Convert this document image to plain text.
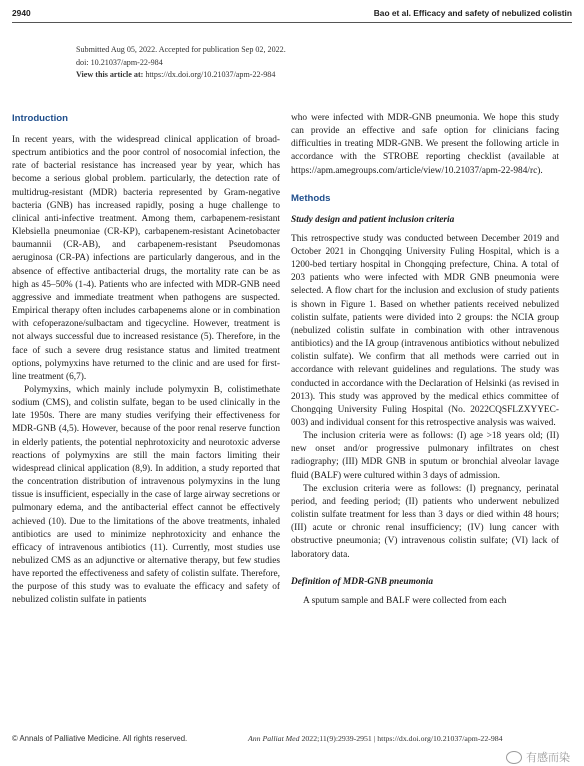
2940	Bao et al. Efficacy and safety of nebulized colistin
Submitted Aug 05, 2022. Accepted for publication Sep 02, 2022.
doi: 10.21037/apm-22-984
View this article at: https://dx.doi.org/10.21037/apm-22-984
Introduction

In recent years, with the widespread clinical application of broad-spectrum antibiotics and the poor control of nosocomial infection, the rate of bacterial resistance has increased year by year, which has become a serious global problem. particularly, the detection rate of multidrug-resistant (MDR) bacteria represented by Gram-negative bacteria (GNB) has increased rapidly, posing a huge challenge to clinical anti-infective treatment. Among them, carbapenem-resistant Klebsiella pneumoniae (CR-KP), carbapenem-resistant Acinetobacter baumannii (CR-AB), and carbapenem-resistant Pseudomonas aeruginosa (CR-PA) infections are particularly dangerous, and in the absence of effective antibacterial drugs, the mortality rate can be as high as 45–50% (1-4). Patients who are infected with MDR-GNB need aggressive and immediate treatment when pathogens are suspected. Empirical therapy often includes carbapenems alone or in combination with cefoperazone/sulbactam and tigecycline. However, treatment is not always successful due to increased resistance (5). Therefore, in the face of such a severe drug resistance status and limited treatment options, polymyxins have returned to the clinic and are used for first-line treatment (6,7).

Polymyxins, which mainly include polymyxin B, colistimethate sodium (CMS), and colistin sulfate, began to be used clinically in the late 1950s. There are many studies verifying their effectiveness for MDR-GNB (4,5). However, because of the poor renal reserve function in elderly patients, the potential nephrotoxicity and neurotoxic adverse reactions of polymyxins are still the main factors limiting their widespread clinical application (8,9). In addition, a study reported that the concentration distribution of intravenous polymyxins in the lung tissue is insufficient, especially in the case of large airway secretions or pulmonary edema, and the antibacterial effect cannot be effectively achieved (10). Due to the limitations of the above treatments, inhaled antibiotics are used to minimize nephrotoxicity and enhance the efficacy of intravenous antibiotics (11). Currently, most studies use nebulized CMS as an adjunctive or alternative therapy, but few studies have reported the effectiveness and safety of colistin sulfate. Therefore, the purpose of this study was to evaluate the efficacy and safety of nebulized colistin sulfate in patients

who were infected with MDR-GNB pneumonia. We hope this study can provide an effective and safe option for clinicians facing difficulties in treating MDR-GNB. We present the following article in accordance with the STROBE reporting checklist (available at https://apm.amegroups.com/article/view/10.21037/apm-22-984/rc).

Methods
Study design and patient inclusion criteria

This retrospective study was conducted between December 2019 and October 2021 in Chongqing University Fuling Hospital, which is a 1200-bed tertiary hospital in Chongqing prefecture, China. A total of 203 patients who were infected with MDR GNB pneumonia were selected. A flow chart for the inclusion and exclusion of study patients is shown in Figure 1. Based on whether patients received nebulized colistin sulfate, patients were divided into 2 groups: the NCIA group (nebulized colistin sulfate in combination with other intravenous antibiotics) and the IA group (intravenous antibiotics without nebulized colistin sulfate). We confirm that all methods were carried out in accordance with relevant guidelines and regulations. The study was conducted in accordance with the Declaration of Helsinki (as revised in 2013). This study was approved by the medical ethics committee of Chongqing University Fuling Hospital (No. 2022CQSFLZXYYEC-003) and individual consent for this retrospective analysis was waived.

The inclusion criteria were as follows: (I) age >18 years old; (II) new onset and/or progressive pulmonary infiltrates on chest radiography; (III) MDR GNB in sputum or bronchial alveolar lavage fluid (BALF) were cultured within 3 days of admission.

The exclusion criteria were as follows: (I) pregnancy, perinatal period, and feeding period; (II) patients who underwent nebulized colistin sulfate treatment for less than 3 days or died within 48 hours; (III) acute or chronic renal insufficiency; (IV) lung cancer with obstructive pneumonia; (V) intravenous colistin sulfate; (VI) lack of laboratory data.

Definition of MDR-GNB pneumonia

A sputum sample and BALF were collected from each

© Annals of Palliative Medicine. All rights reserved.	Ann Palliat Med 2022;11(9):2939-2951 | https://dx.doi.org/10.21037/apm-22-984
有感而染
